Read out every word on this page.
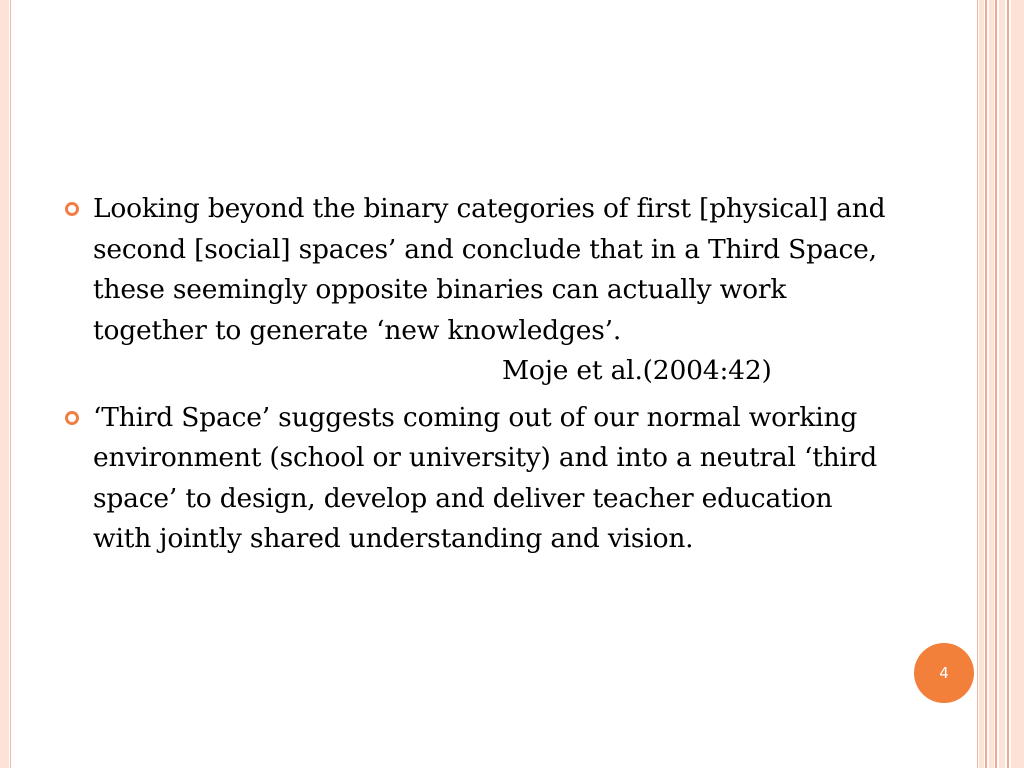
Looking beyond the binary categories of first [physical] and second [social] spaces’ and conclude that in a Third Space, these seemingly opposite binaries can actually work together to generate ‘new knowledges’.
Moje et al.(2004:42)
‘Third Space’ suggests coming out of our normal working environment (school or university) and into a neutral ‘third space’ to design, develop and deliver teacher education with jointly shared understanding and vision.
4
